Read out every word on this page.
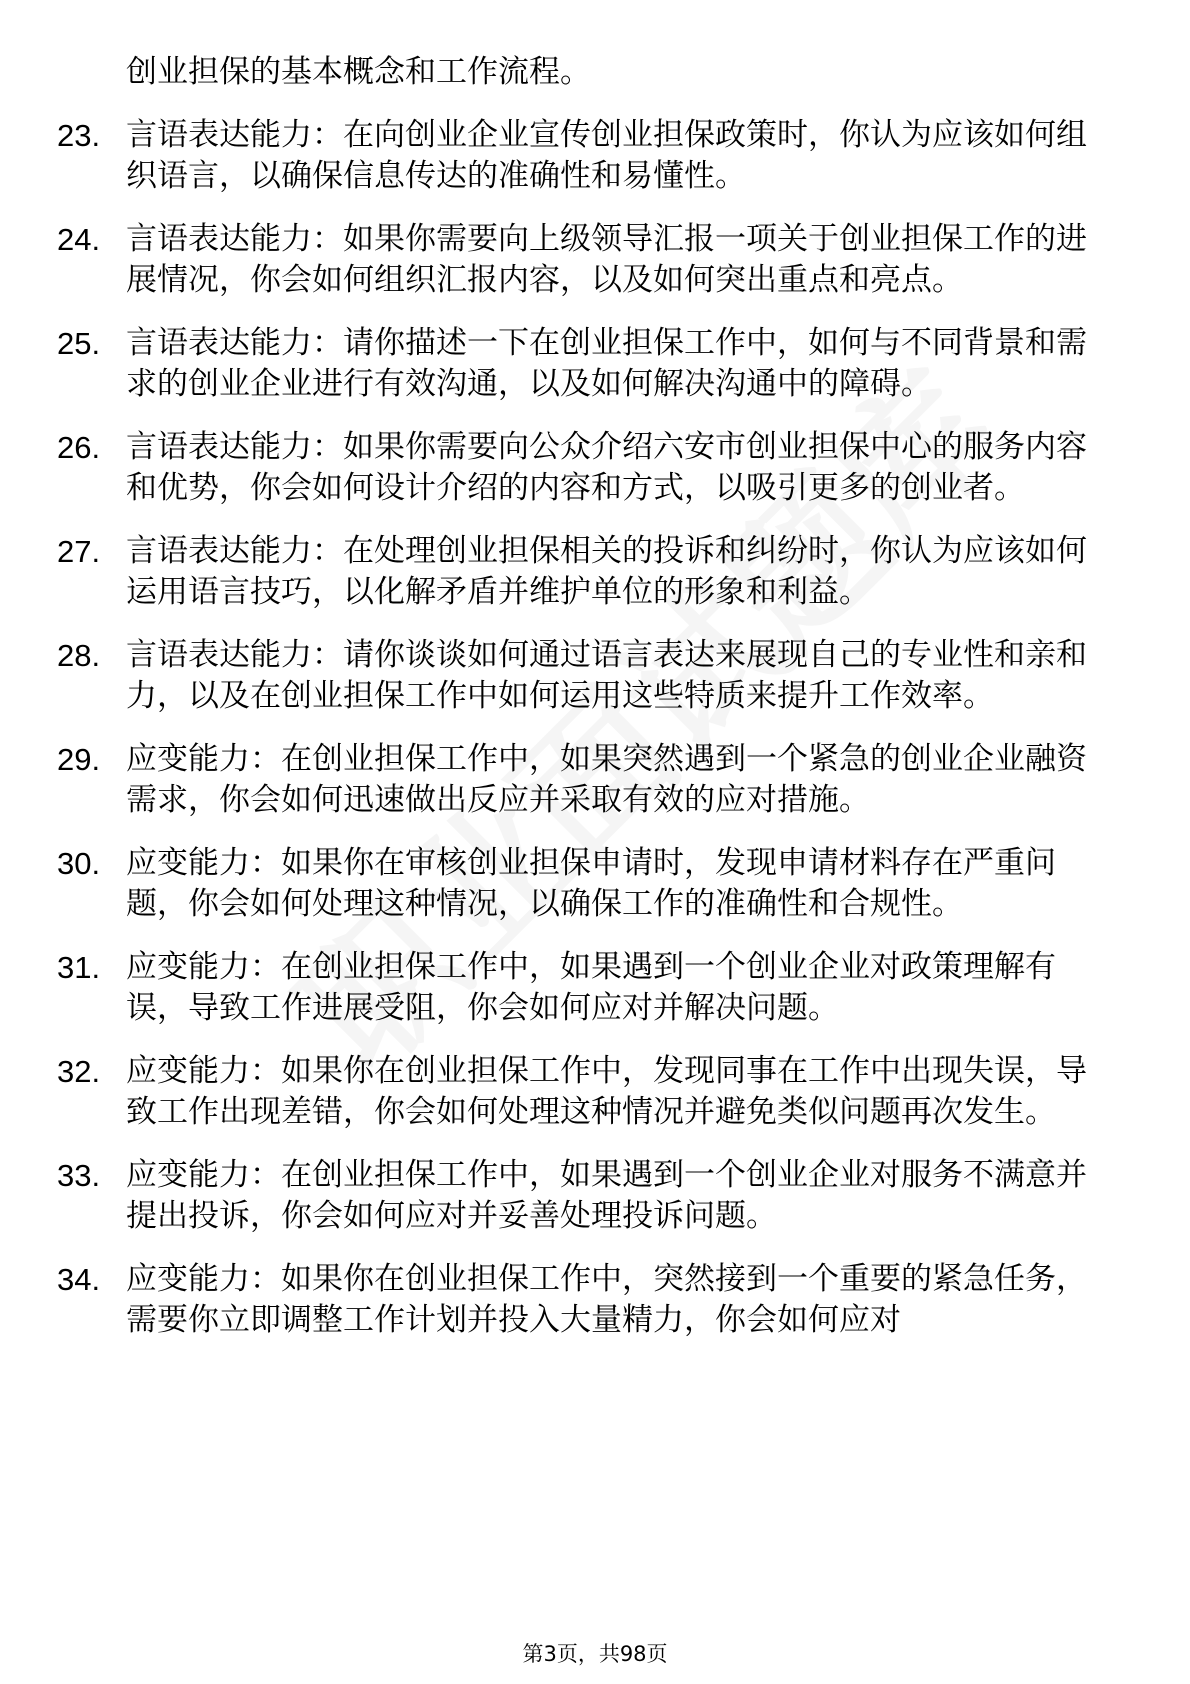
创业担保的基本概念和工作流程。

23. 言语表达能力：在向创业企业宣传创业担保政策时，你认为应该如何组织语言，以确保信息传达的准确性和易懂性。
24. 言语表达能力：如果你需要向上级领导汇报一项关于创业担保工作的进展情况，你会如何组织汇报内容，以及如何突出重点和亮点。
25. 言语表达能力：请你描述一下在创业担保工作中，如何与不同背景和需求的创业企业进行有效沟通，以及如何解决沟通中的障碍。
26. 言语表达能力：如果你需要向公众介绍六安市创业担保中心的服务内容和优势，你会如何设计介绍的内容和方式，以吸引更多的创业者。
27. 言语表达能力：在处理创业担保相关的投诉和纠纷时，你认为应该如何运用语言技巧，以化解矛盾并维护单位的形象和利益。
28. 言语表达能力：请你谈谈如何通过语言表达来展现自己的专业性和亲和力，以及在创业担保工作中如何运用这些特质来提升工作效率。
29. 应变能力：在创业担保工作中，如果突然遇到一个紧急的创业企业融资需求，你会如何迅速做出反应并采取有效的应对措施。
30. 应变能力：如果你在审核创业担保申请时，发现申请材料存在严重问题，你会如何处理这种情况，以确保工作的准确性和合规性。
31. 应变能力：在创业担保工作中，如果遇到一个创业企业对政策理解有误，导致工作进展受阻，你会如何应对并解决问题。
32. 应变能力：如果你在创业担保工作中，发现同事在工作中出现失误，导致工作出现差错，你会如何处理这种情况并避免类似问题再次发生。
33. 应变能力：在创业担保工作中，如果遇到一个创业企业对服务不满意并提出投诉，你会如何应对并妥善处理投诉问题。
34. 应变能力：如果你在创业担保工作中，突然接到一个重要的紧急任务，需要你立即调整工作计划并投入大量精力，你会如何应对
第3页，共98页
